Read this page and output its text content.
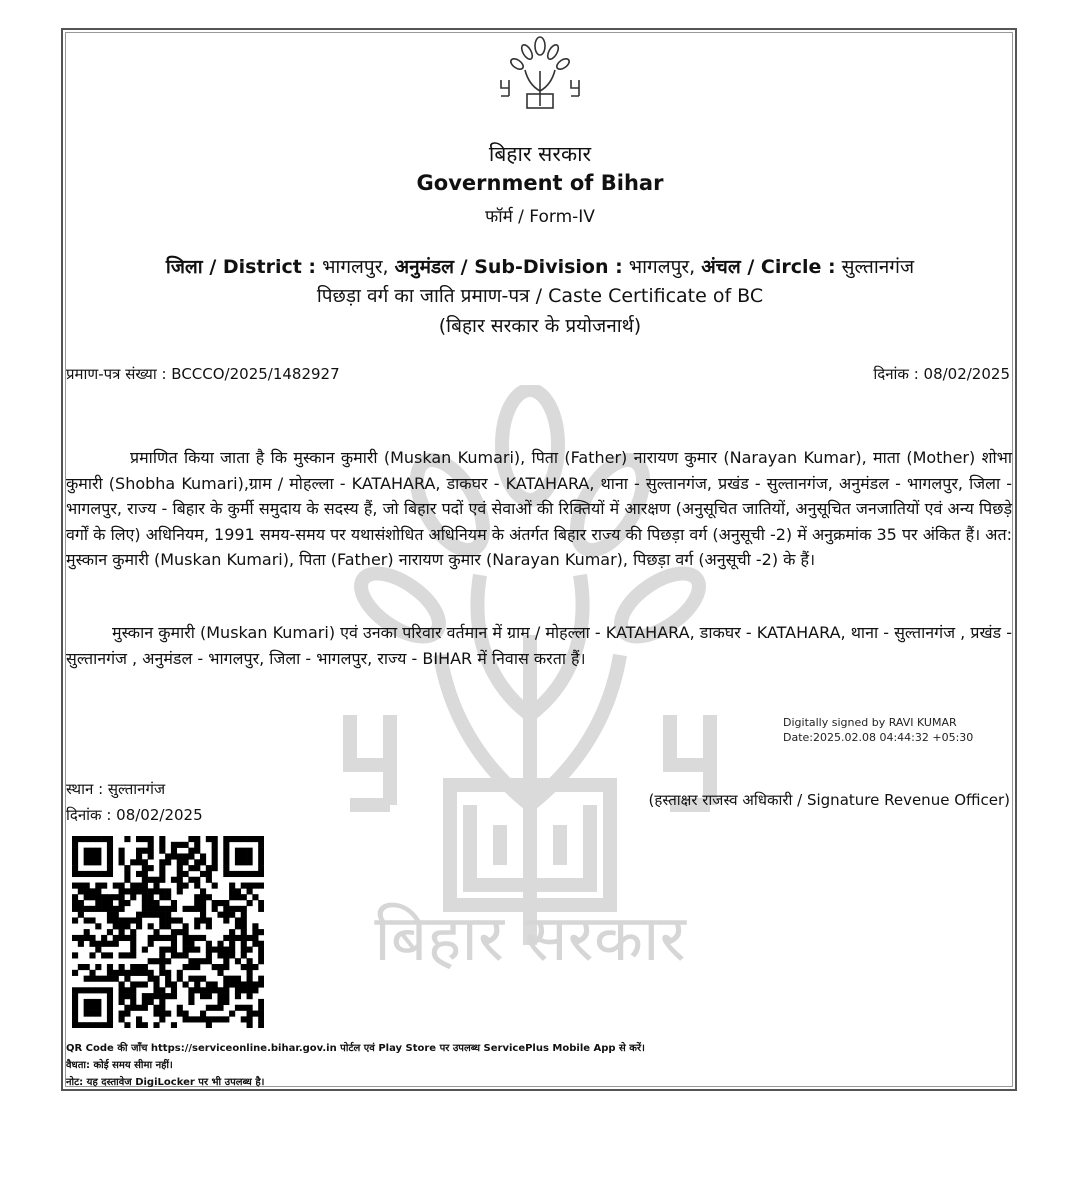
बिहार सरकार
बिहार सरकार
Government of Bihar
फॉर्म / Form-IV
जिला / District : भागलपुर, अनुमंडल / Sub-Division : भागलपुर, अंचल / Circle : सुल्तानगंज
पिछड़ा वर्ग का जाति प्रमाण-पत्र / Caste Certificate of BC
(बिहार सरकार के प्रयोजनार्थ)
प्रमाण-पत्र संख्या : BCCCO/2025/1482927	दिनांक : 08/02/2025
प्रमाणित किया जाता है कि मुस्कान कुमारी (Muskan Kumari), पिता (Father) नारायण कुमार (Narayan Kumar), माता (Mother) शोभा कुमारी (Shobha Kumari),ग्राम / मोहल्ला - KATAHARA, डाकघर - KATAHARA, थाना - सुल्तानगंज, प्रखंड - सुल्तानगंज, अनुमंडल - भागलपुर, जिला - भागलपुर, राज्य - बिहार के कुर्मी समुदाय के सदस्य हैं, जो बिहार पदों एवं सेवाओं की रिक्तियों में आरक्षण (अनुसूचित जातियों, अनुसूचित जनजातियों एवं अन्य पिछड़े वर्गों के लिए) अधिनियम, 1991 समय-समय पर यथासंशोधित अधिनियम के अंतर्गत बिहार राज्य की पिछड़ा वर्ग (अनुसूची -2) में अनुक्रमांक 35 पर अंकित हैं। अत: मुस्कान कुमारी (Muskan Kumari), पिता (Father) नारायण कुमार (Narayan Kumar), पिछड़ा वर्ग (अनुसूची -2) के हैं।
मुस्कान कुमारी (Muskan Kumari) एवं उनका परिवार वर्तमान में ग्राम / मोहल्ला - KATAHARA, डाकघर - KATAHARA, थाना - सुल्तानगंज , प्रखंड - सुल्तानगंज , अनुमंडल - भागलपुर, जिला - भागलपुर, राज्य - BIHAR में निवास करता हैं।
Digitally signed by RAVI KUMAR
Date:2025.02.08 04:44:32 +05:30
स्थान : सुल्तानगंज
दिनांक : 08/02/2025
(हस्ताक्षर राजस्व अधिकारी / Signature Revenue Officer)
QR Code की जाँच https://serviceonline.bihar.gov.in पोर्टल एवं Play Store पर उपलब्ध ServicePlus Mobile App से करें।
वैधता: कोई समय सीमा नहीं।
नोट: यह दस्तावेज DigiLocker पर भी उपलब्ध है।
